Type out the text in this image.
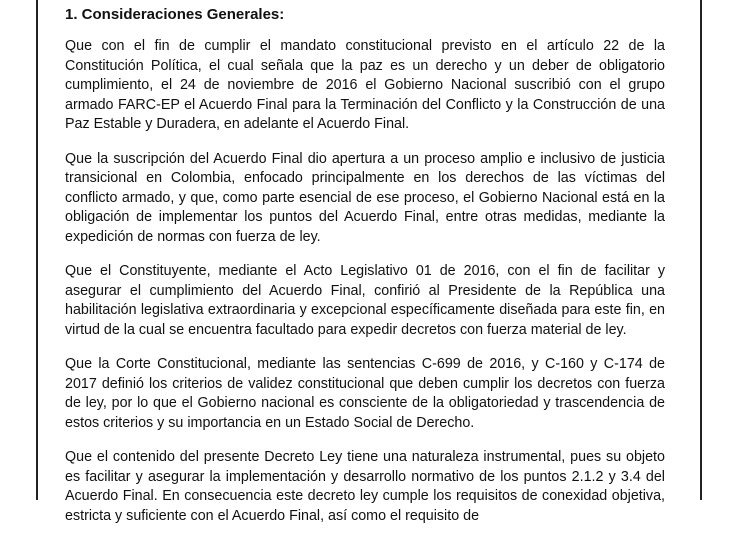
1. Consideraciones Generales:

Que con el fin de cumplir el mandato constitucional previsto en el artículo 22 de la Constitución Política, el cual señala que la paz es un derecho y un deber de obligatorio cumplimiento, el 24 de noviembre de 2016 el Gobierno Nacional suscribió con el grupo armado FARC-EP el Acuerdo Final para la Terminación del Conflicto y la Construcción de una Paz Estable y Duradera, en adelante el Acuerdo Final.

Que la suscripción del Acuerdo Final dio apertura a un proceso amplio e inclusivo de justicia transicional en Colombia, enfocado principalmente en los derechos de las víctimas del conflicto armado, y que, como parte esencial de ese proceso, el Gobierno Nacional está en la obligación de implementar los puntos del Acuerdo Final, entre otras medidas, mediante la expedición de normas con fuerza de ley.

Que el Constituyente, mediante el Acto Legislativo 01 de 2016, con el fin de facilitar y asegurar el cumplimiento del Acuerdo Final, confirió al Presidente de la República una habilitación legislativa extraordinaria y excepcional específicamente diseñada para este fin, en virtud de la cual se encuentra facultado para expedir decretos con fuerza material de ley.

Que la Corte Constitucional, mediante las sentencias C-699 de 2016, y C-160 y C-174 de 2017 definió los criterios de validez constitucional que deben cumplir los decretos con fuerza de ley, por lo que el Gobierno nacional es consciente de la obligatoriedad y trascendencia de estos criterios y su importancia en un Estado Social de Derecho.

Que el contenido del presente Decreto Ley tiene una naturaleza instrumental, pues su objeto es facilitar y asegurar la implementación y desarrollo normativo de los puntos 2.1.2 y 3.4 del Acuerdo Final. En consecuencia este decreto ley cumple los requisitos de conexidad objetiva, estricta y suficiente con el Acuerdo Final, así como el requisito de
